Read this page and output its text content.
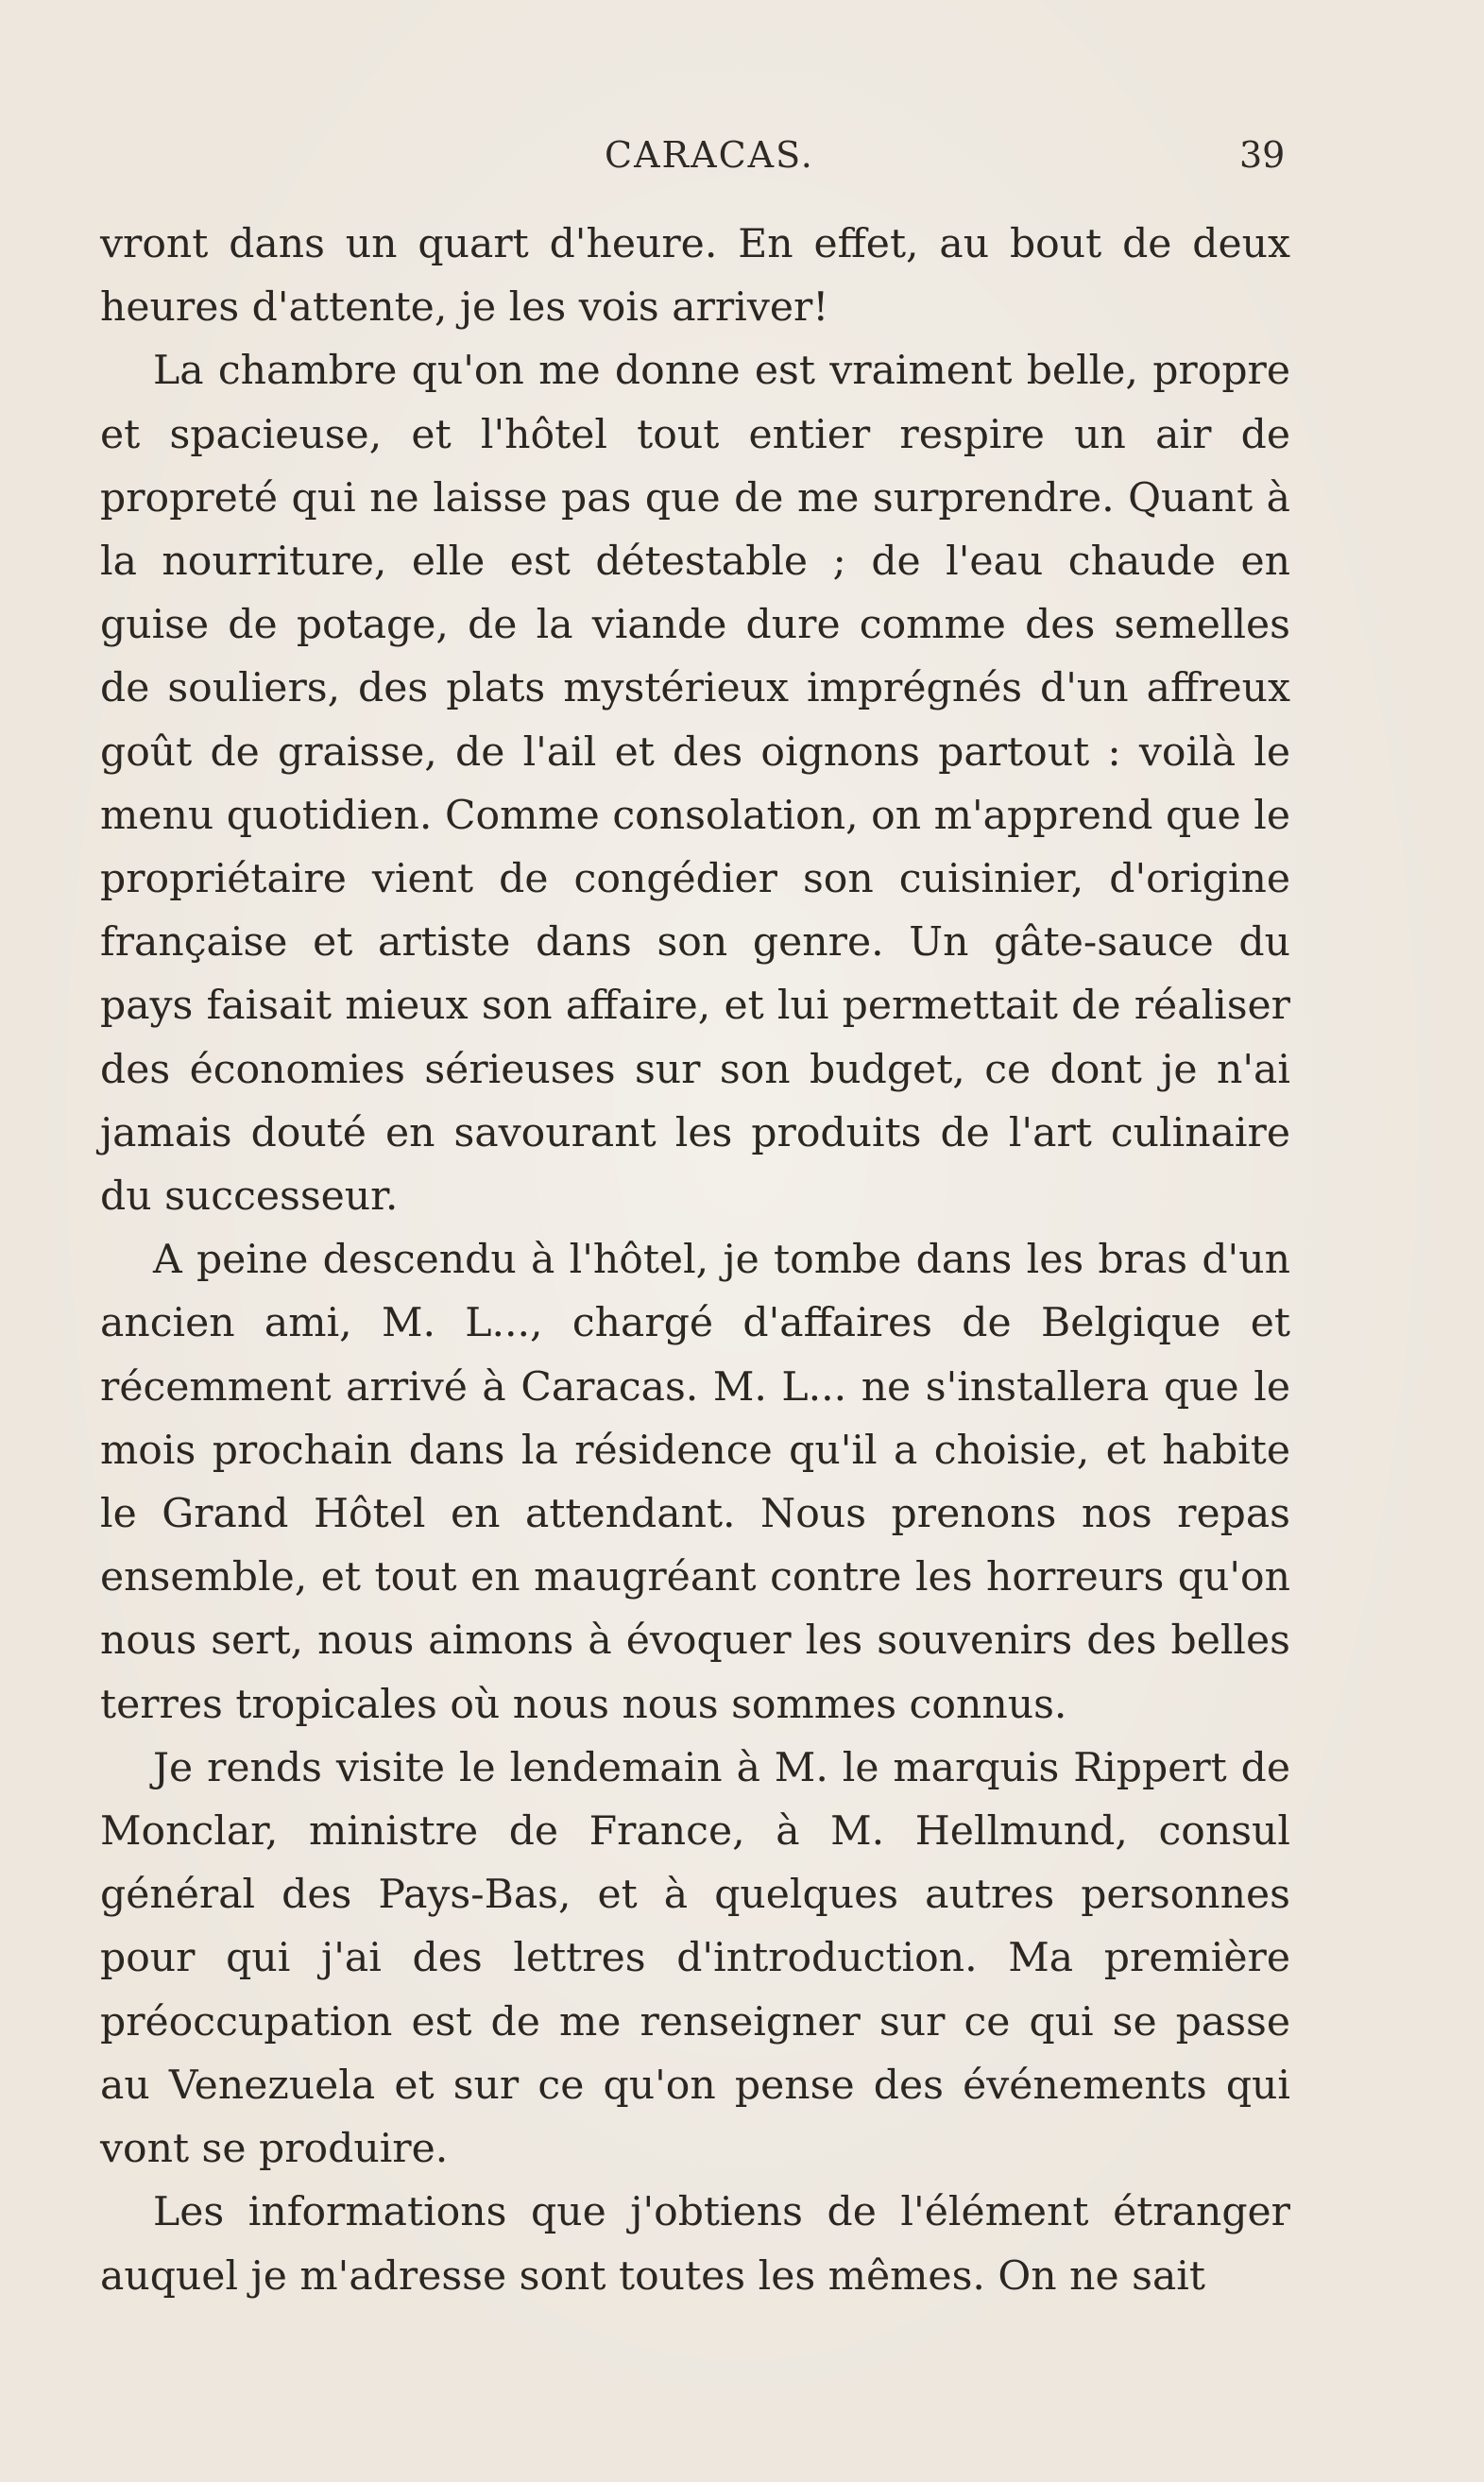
CARACAS.	39

vront dans un quart d'heure. En effet, au bout de deux heures d'attente, je les vois arriver!

La chambre qu'on me donne est vraiment belle, propre et spacieuse, et l'hôtel tout entier respire un air de propreté qui ne laisse pas que de me surprendre. Quant à la nourriture, elle est détestable ; de l'eau chaude en guise de potage, de la viande dure comme des semelles de souliers, des plats mystérieux imprégnés d'un affreux goût de graisse, de l'ail et des oignons partout : voilà le menu quotidien. Comme consolation, on m'apprend que le propriétaire vient de congédier son cuisinier, d'origine française et artiste dans son genre. Un gâte-sauce du pays faisait mieux son affaire, et lui permettait de réaliser des économies sérieuses sur son budget, ce dont je n'ai jamais douté en savourant les produits de l'art culinaire du successeur.

A peine descendu à l'hôtel, je tombe dans les bras d'un ancien ami, M. L..., chargé d'affaires de Belgique et récemment arrivé à Caracas. M. L... ne s'installera que le mois prochain dans la résidence qu'il a choisie, et habite le Grand Hôtel en attendant. Nous prenons nos repas ensemble, et tout en maugréant contre les horreurs qu'on nous sert, nous aimons à évoquer les souvenirs des belles terres tropicales où nous nous sommes connus.

Je rends visite le lendemain à M. le marquis Rippert de Monclar, ministre de France, à M. Hellmund, consul général des Pays-Bas, et à quelques autres personnes pour qui j'ai des lettres d'introduction. Ma première préoccupation est de me renseigner sur ce qui se passe au Venezuela et sur ce qu'on pense des événements qui vont se produire.

Les informations que j'obtiens de l'élément étranger auquel je m'adresse sont toutes les mêmes. On ne sait
